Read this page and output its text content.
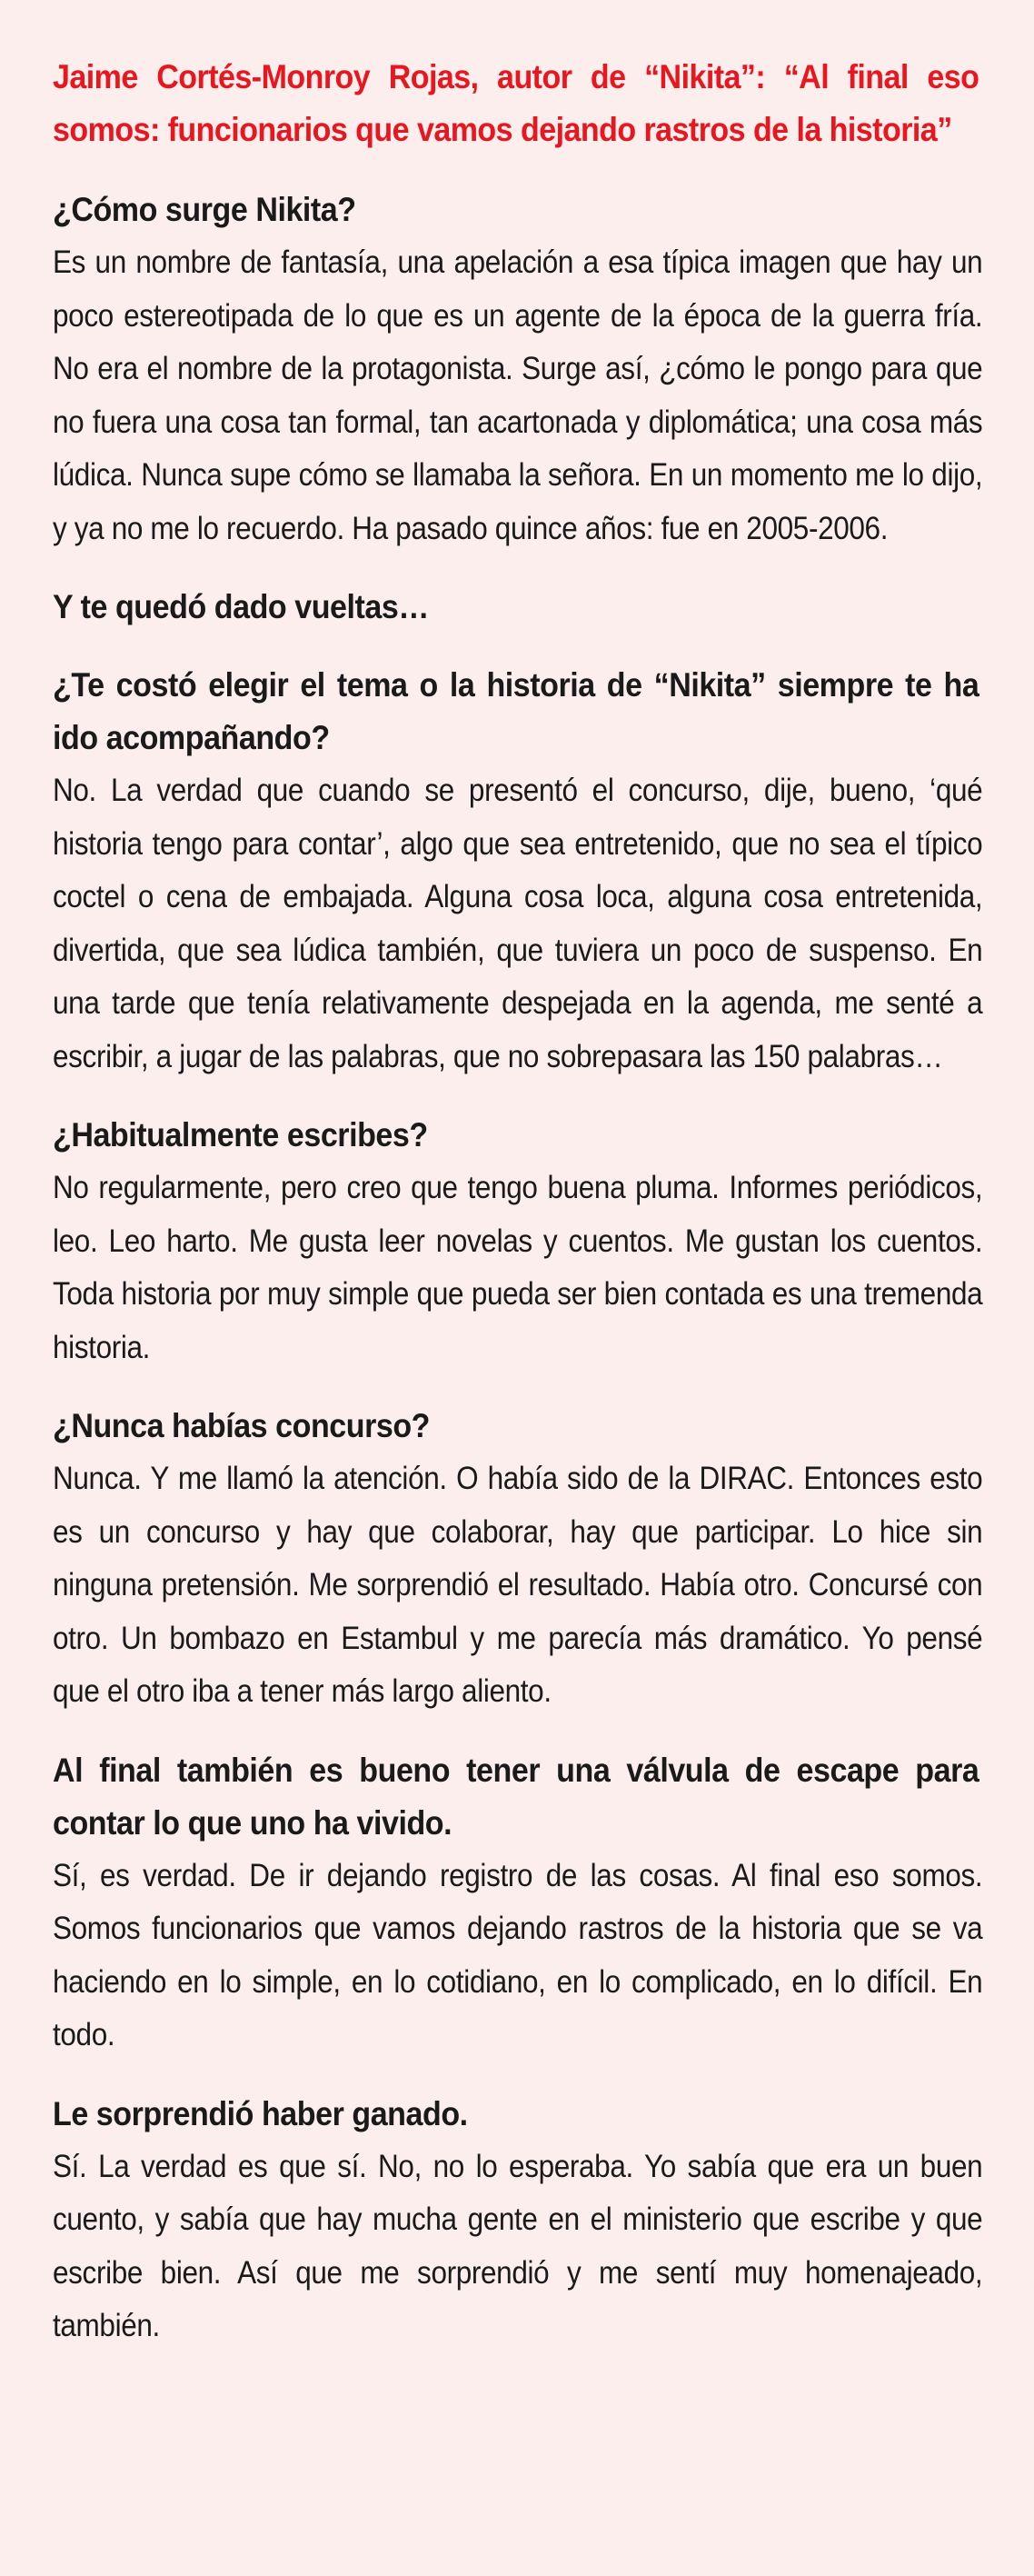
Jaime Cortés-Monroy Rojas, autor de “Nikita”: “Al final eso somos: funcionarios que vamos dejando rastros de la historia”

¿Cómo surge Nikita?

Es un nombre de fantasía, una apelación a esa típica imagen que hay un poco estereotipada de lo que es un agente de la época de la guerra fría. No era el nombre de la protagonista. Surge así, ¿cómo le pongo para que no fuera una cosa tan formal, tan acartonada y diplomática; una cosa más lúdica. Nunca supe cómo se llamaba la señora. En un momento me lo dijo, y ya no me lo recuerdo. Ha pasado quince años: fue en 2005-2006.

Y te quedó dado vueltas…

¿Te costó elegir el tema o la historia de “Nikita” siempre te ha ido acompañando?

No. La verdad que cuando se presentó el concurso, dije, bueno, ‘qué historia tengo para contar’, algo que sea entretenido, que no sea el típico coctel o cena de embajada. Alguna cosa loca, alguna cosa entretenida, divertida, que sea lúdica también, que tuviera un poco de suspenso. En una tarde que tenía relativamente despejada en la agenda, me senté a escribir, a jugar de las palabras, que no sobrepasara las 150 palabras…

¿Habitualmente escribes?

No regularmente, pero creo que tengo buena pluma. Informes periódicos, leo. Leo harto. Me gusta leer novelas y cuentos. Me gustan los cuentos. Toda historia por muy simple que pueda ser bien contada es una tremenda historia.

¿Nunca habías concurso?

Nunca. Y me llamó la atención. O había sido de la DIRAC. Entonces esto es un concurso y hay que colaborar, hay que participar. Lo hice sin ninguna pretensión. Me sorprendió el resultado. Había otro. Concursé con otro. Un bombazo en Estambul y me parecía más dramático. Yo pensé que el otro iba a tener más largo aliento.

Al final también es bueno tener una válvula de escape para contar lo que uno ha vivido.

Sí, es verdad. De ir dejando registro de las cosas. Al final eso somos. Somos funcionarios que vamos dejando rastros de la historia que se va haciendo en lo simple, en lo cotidiano, en lo complicado, en lo difícil. En todo.

Le sorprendió haber ganado.

Sí. La verdad es que sí. No, no lo esperaba. Yo sabía que era un buen cuento, y sabía que hay mucha gente en el ministerio que escribe y que escribe bien. Así que me sorprendió y me sentí muy homenajeado, también.
